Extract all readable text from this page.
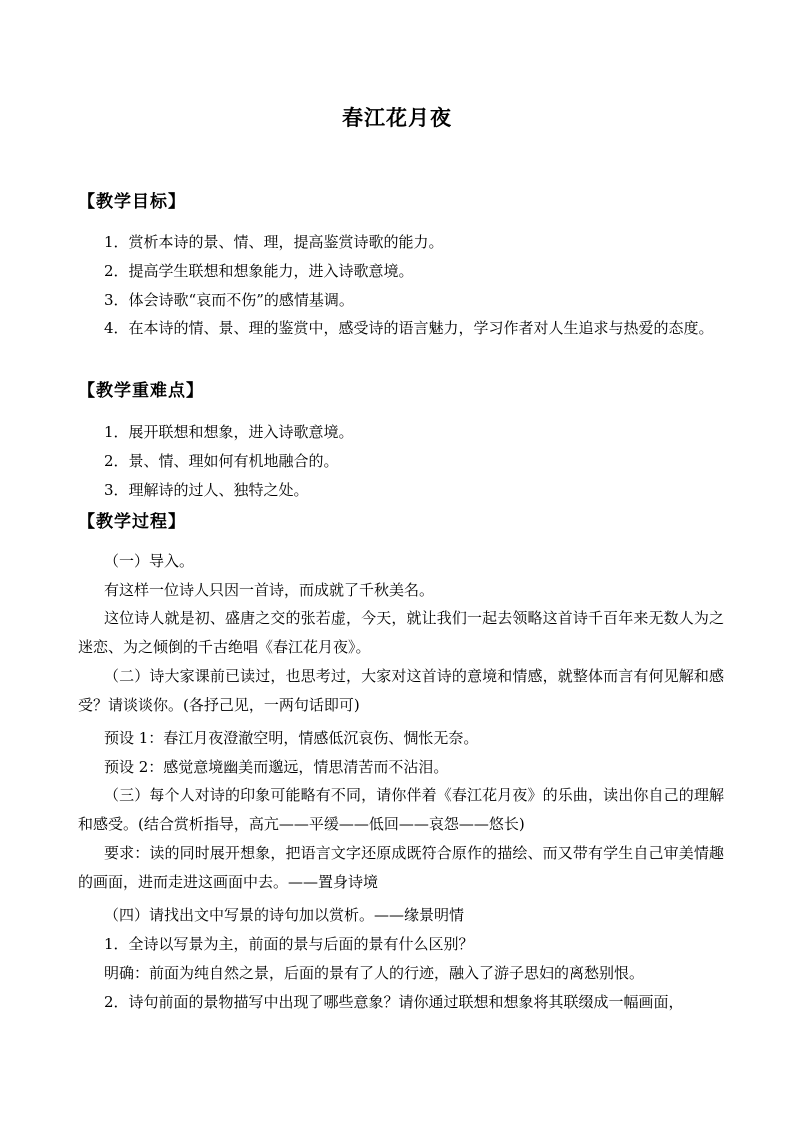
春江花月夜
【教学目标】
1．赏析本诗的景、情、理，提高鉴赏诗歌的能力。
2．提高学生联想和想象能力，进入诗歌意境。
3．体会诗歌“哀而不伤”的感情基调。
4．在本诗的情、景、理的鉴赏中，感受诗的语言魅力，学习作者对人生追求与热爱的态度。
【教学重难点】
1．展开联想和想象，进入诗歌意境。
2．景、情、理如何有机地融合的。
3．理解诗的过人、独特之处。
【教学过程】
（一）导入。
有这样一位诗人只因一首诗，而成就了千秋美名。
这位诗人就是初、盛唐之交的张若虚，今天，就让我们一起去领略这首诗千百年来无数人为之迷恋、为之倾倒的千古绝唱《春江花月夜》。
（二）诗大家课前已读过，也思考过，大家对这首诗的意境和情感，就整体而言有何见解和感受？请谈谈你。(各抒己见，一两句话即可)
预设 1：春江月夜澄澈空明，情感低沉哀伤、惆怅无奈。
预设 2：感觉意境幽美而邈远，情思清苦而不沾泪。
（三）每个人对诗的印象可能略有不同，请你伴着《春江花月夜》的乐曲，读出你自己的理解和感受。(结合赏析指导，高亢——平缓——低回——哀怨——悠长)
要求：读的同时展开想象，把语言文字还原成既符合原作的描绘、而又带有学生自己审美情趣的画面，进而走进这画面中去。——置身诗境
（四）请找出文中写景的诗句加以赏析。——缘景明情
1．全诗以写景为主，前面的景与后面的景有什么区别？
明确：前面为纯自然之景，后面的景有了人的行迹，融入了游子思妇的离愁别恨。
2．诗句前面的景物描写中出现了哪些意象？请你通过联想和想象将其联缀成一幅画面，
